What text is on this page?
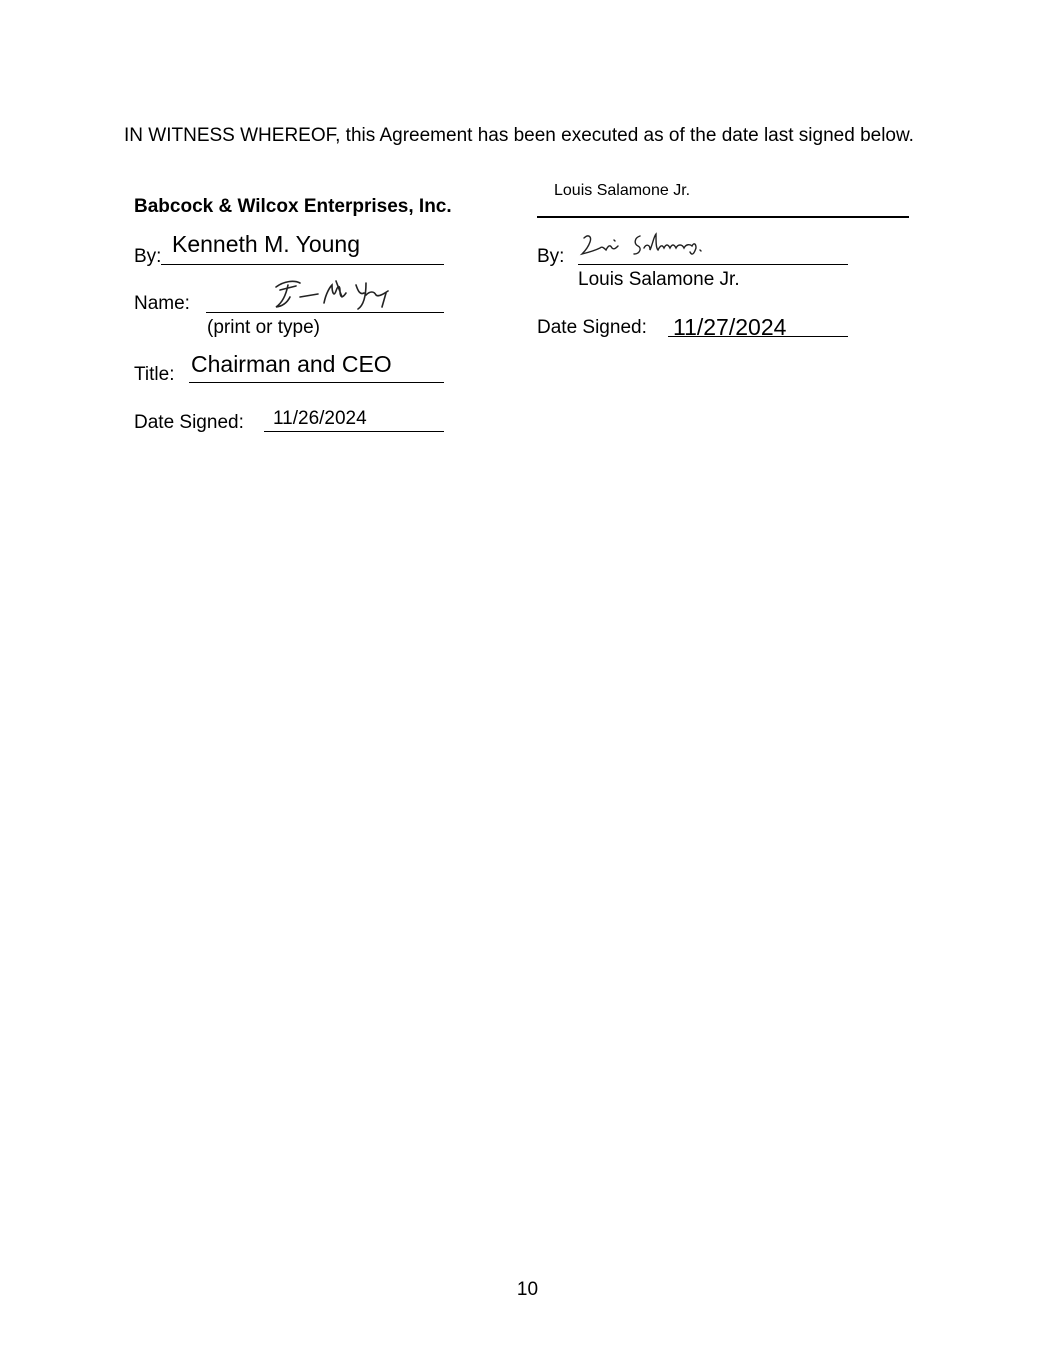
IN WITNESS WHEREOF, this Agreement has been executed as of the date last signed below.
Babcock & Wilcox Enterprises, Inc.
By: Kenneth M. Young
Name:
(print or type)
Title: Chairman and CEO
Date Signed: 11/26/2024
Louis Salamone Jr.
By:
Louis Salamone Jr.
Date Signed: 11/27/2024
10
